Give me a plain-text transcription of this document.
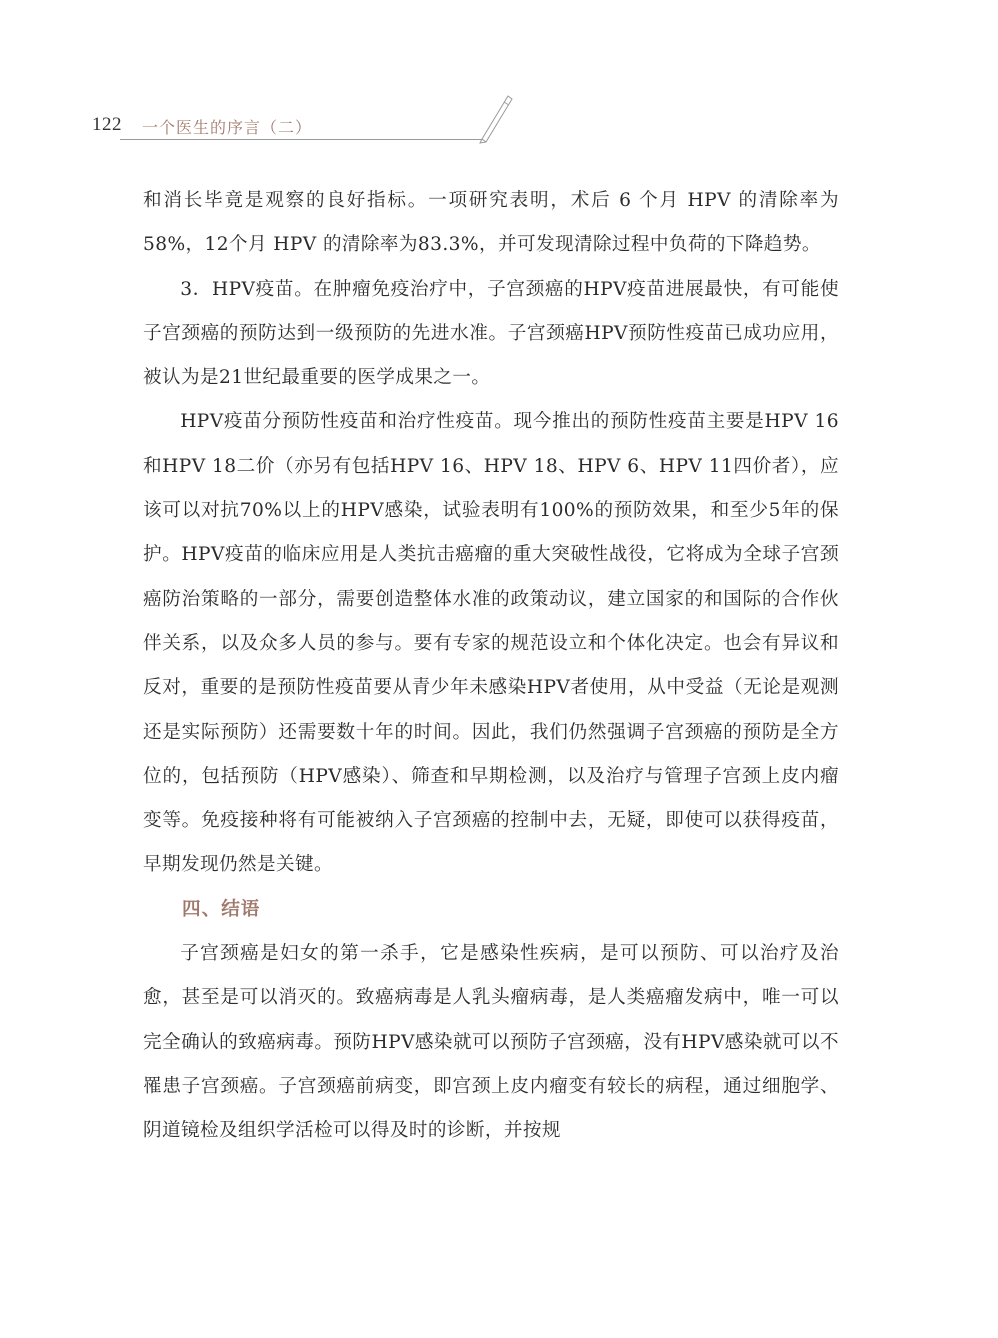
122 一个医生的序言（二）

和消长毕竟是观察的良好指标。一项研究表明，术后 6 个月 HPV 的清除率为58%，12个月 HPV 的清除率为83.3%，并可发现清除过程中负荷的下降趋势。

3．HPV疫苗。在肿瘤免疫治疗中，子宫颈癌的HPV疫苗进展最快，有可能使子宫颈癌的预防达到一级预防的先进水准。子宫颈癌HPV预防性疫苗已成功应用，被认为是21世纪最重要的医学成果之一。

HPV疫苗分预防性疫苗和治疗性疫苗。现今推出的预防性疫苗主要是HPV 16和HPV 18二价（亦另有包括HPV 16、HPV 18、HPV 6、HPV 11四价者），应该可以对抗70%以上的HPV感染，试验表明有100%的预防效果，和至少5年的保护。HPV疫苗的临床应用是人类抗击癌瘤的重大突破性战役，它将成为全球子宫颈癌防治策略的一部分，需要创造整体水准的政策动议，建立国家的和国际的合作伙伴关系，以及众多人员的参与。要有专家的规范设立和个体化决定。也会有异议和反对，重要的是预防性疫苗要从青少年未感染HPV者使用，从中受益（无论是观测还是实际预防）还需要数十年的时间。因此，我们仍然强调子宫颈癌的预防是全方位的，包括预防（HPV感染）、筛查和早期检测，以及治疗与管理子宫颈上皮内瘤变等。免疫接种将有可能被纳入子宫颈癌的控制中去，无疑，即使可以获得疫苗，早期发现仍然是关键。

四、结语

子宫颈癌是妇女的第一杀手，它是感染性疾病，是可以预防、可以治疗及治愈，甚至是可以消灭的。致癌病毒是人乳头瘤病毒，是人类癌瘤发病中，唯一可以完全确认的致癌病毒。预防HPV感染就可以预防子宫颈癌，没有HPV感染就可以不罹患子宫颈癌。子宫颈癌前病变，即宫颈上皮内瘤变有较长的病程，通过细胞学、阴道镜检及组织学活检可以得及时的诊断，并按规
